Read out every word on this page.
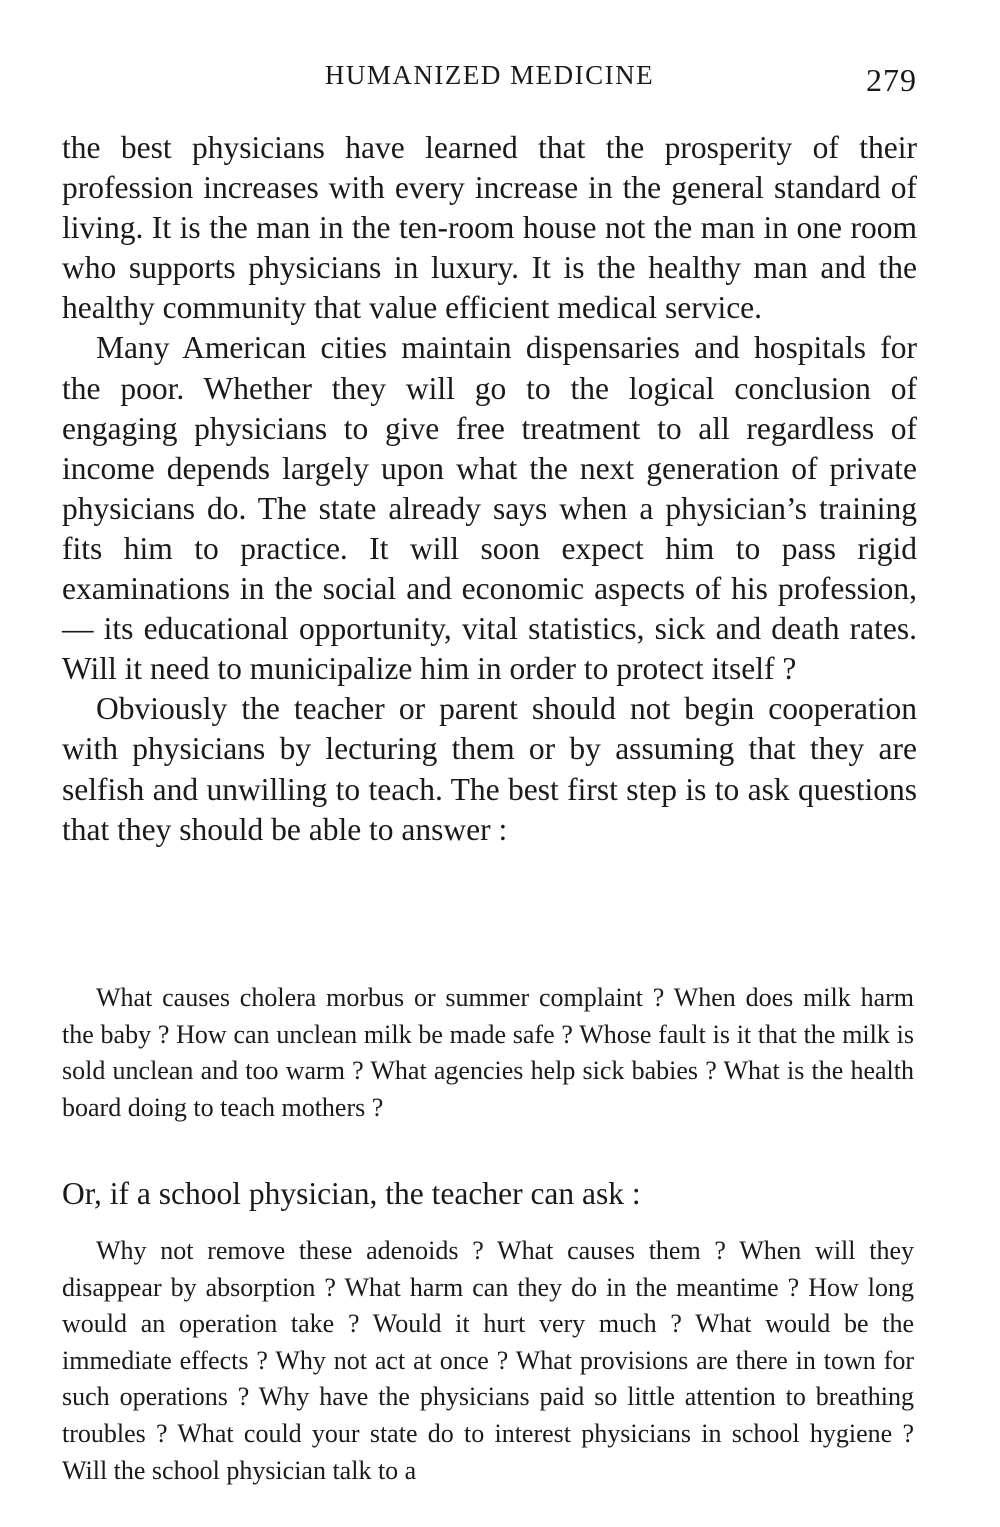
HUMANIZED MEDICINE	279

the best physicians have learned that the prosperity of their profession increases with every increase in the general standard of living. It is the man in the ten-room house not the man in one room who supports physicians in luxury. It is the healthy man and the healthy community that value efficient medical service.

Many American cities maintain dispensaries and hospitals for the poor. Whether they will go to the logical conclusion of engaging physicians to give free treatment to all regardless of income depends largely upon what the next generation of private physicians do. The state already says when a physician’s training fits him to practice. It will soon expect him to pass rigid examinations in the social and economic aspects of his profession, — its educational opportunity, vital statistics, sick and death rates. Will it need to municipalize him in order to protect itself ?

Obviously the teacher or parent should not begin cooperation with physicians by lecturing them or by assuming that they are selfish and unwilling to teach. The best first step is to ask questions that they should be able to answer :

What causes cholera morbus or summer complaint ? When does milk harm the baby ? How can unclean milk be made safe ? Whose fault is it that the milk is sold unclean and too warm ? What agencies help sick babies ? What is the health board doing to teach mothers ?

Or, if a school physician, the teacher can ask :

Why not remove these adenoids ? What causes them ? When will they disappear by absorption ? What harm can they do in the meantime ? How long would an operation take ? Would it hurt very much ? What would be the immediate effects ? Why not act at once ? What provisions are there in town for such operations ? Why have the physicians paid so little attention to breathing troubles ? What could your state do to interest physicians in school hygiene ? Will the school physician talk to a
